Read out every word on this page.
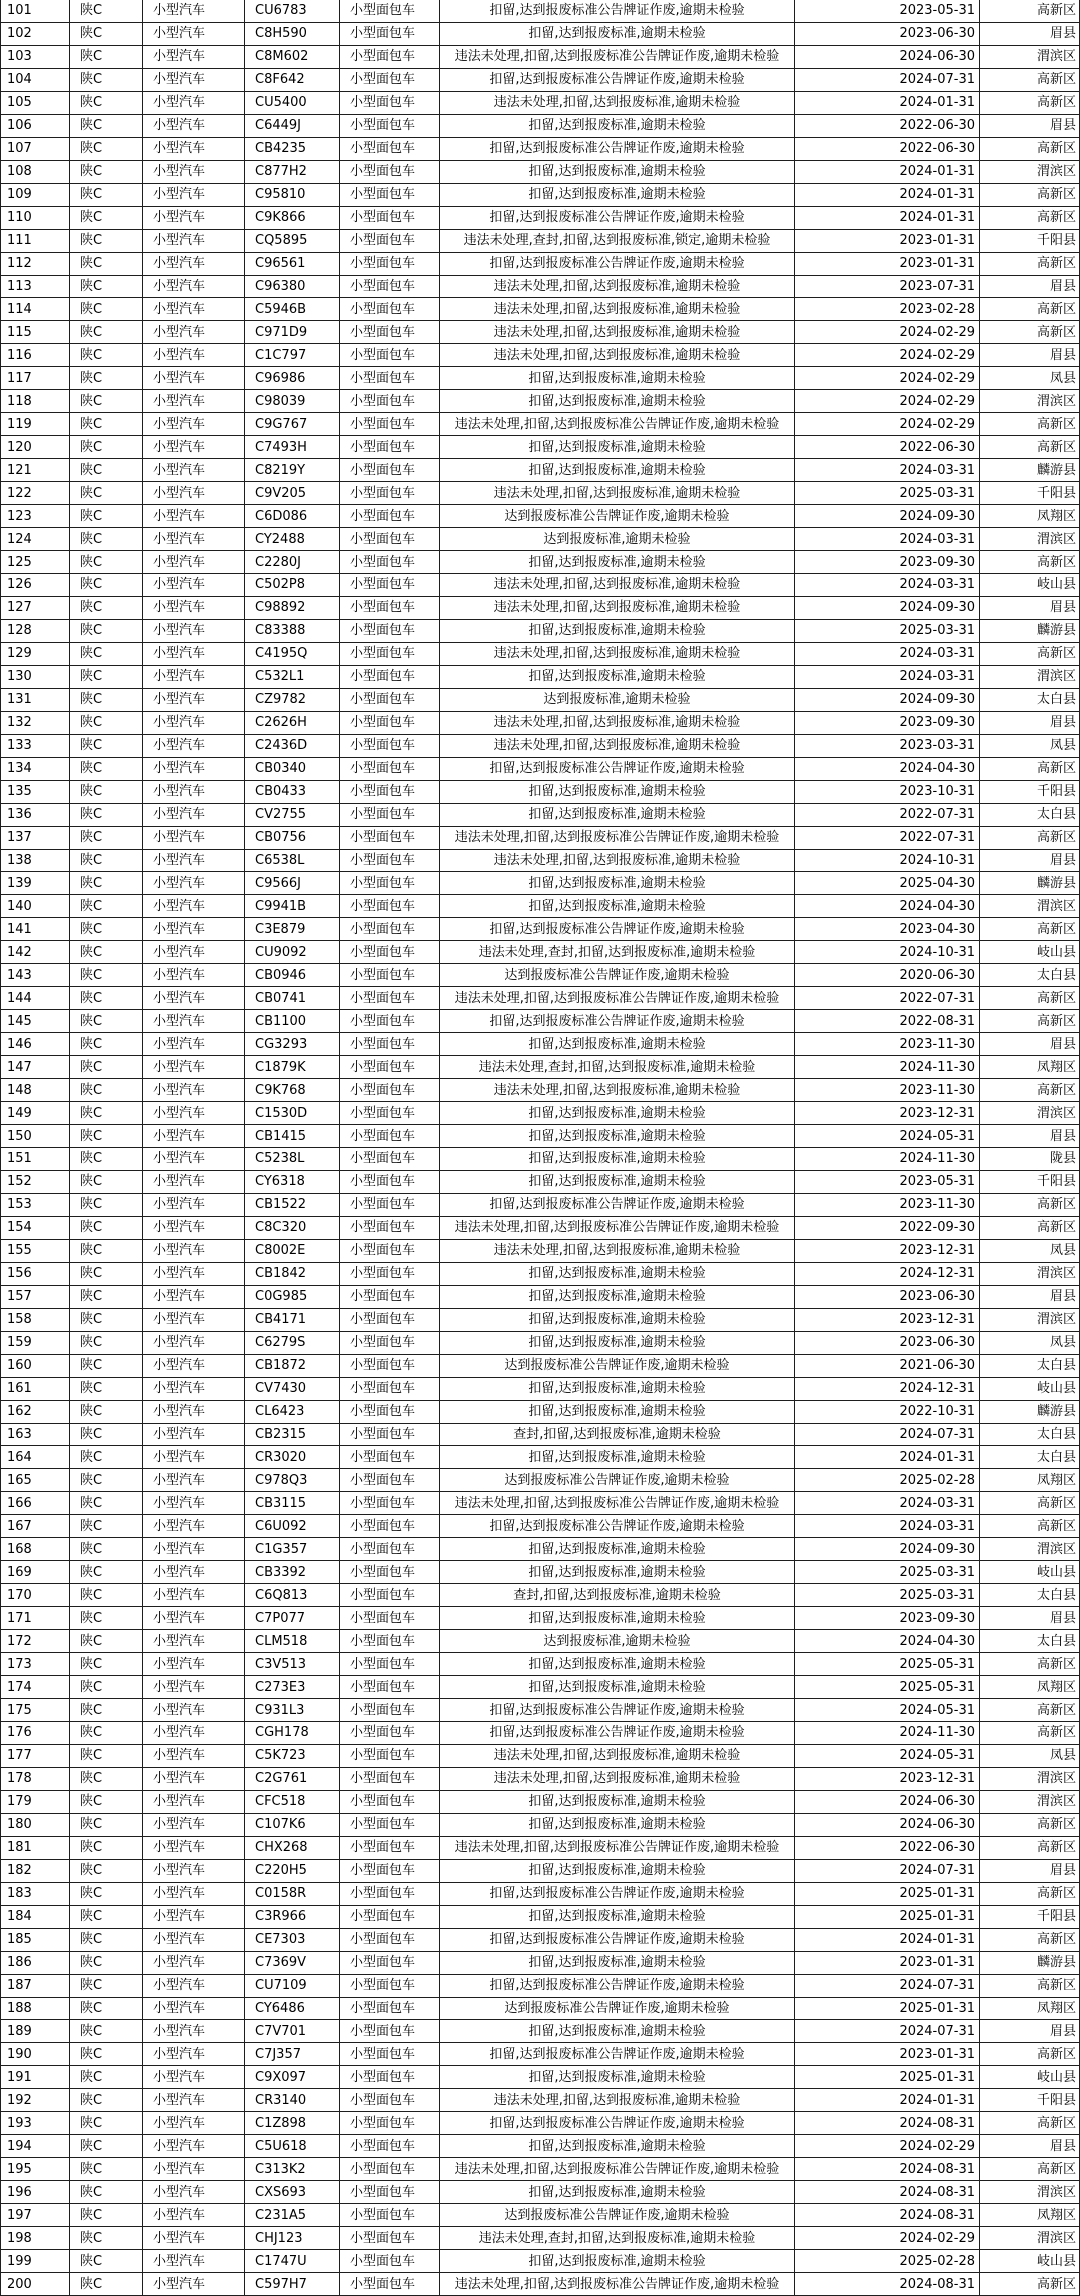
101	陕C	小型汽车	CU6783	小型面包车	扣留,达到报废标准公告牌证作废,逾期未检验	2023-05-31	高新区
102	陕C	小型汽车	C8H590	小型面包车	扣留,达到报废标准,逾期未检验	2023-06-30	眉县
103	陕C	小型汽车	C8M602	小型面包车	违法未处理,扣留,达到报废标准公告牌证作废,逾期未检验	2024-06-30	渭滨区
104	陕C	小型汽车	C8F642	小型面包车	扣留,达到报废标准公告牌证作废,逾期未检验	2024-07-31	高新区
105	陕C	小型汽车	CU5400	小型面包车	违法未处理,扣留,达到报废标准,逾期未检验	2024-01-31	高新区
106	陕C	小型汽车	C6449J	小型面包车	扣留,达到报废标准,逾期未检验	2022-06-30	眉县
107	陕C	小型汽车	CB4235	小型面包车	扣留,达到报废标准公告牌证作废,逾期未检验	2022-06-30	高新区
108	陕C	小型汽车	C877H2	小型面包车	扣留,达到报废标准,逾期未检验	2024-01-31	渭滨区
109	陕C	小型汽车	C95810	小型面包车	扣留,达到报废标准,逾期未检验	2024-01-31	高新区
110	陕C	小型汽车	C9K866	小型面包车	扣留,达到报废标准公告牌证作废,逾期未检验	2024-01-31	高新区
111	陕C	小型汽车	CQ5895	小型面包车	违法未处理,查封,扣留,达到报废标准,锁定,逾期未检验	2023-01-31	千阳县
112	陕C	小型汽车	C96561	小型面包车	扣留,达到报废标准公告牌证作废,逾期未检验	2023-01-31	高新区
113	陕C	小型汽车	C96380	小型面包车	违法未处理,扣留,达到报废标准,逾期未检验	2023-07-31	眉县
114	陕C	小型汽车	C5946B	小型面包车	违法未处理,扣留,达到报废标准,逾期未检验	2023-02-28	高新区
115	陕C	小型汽车	C971D9	小型面包车	违法未处理,扣留,达到报废标准,逾期未检验	2024-02-29	高新区
116	陕C	小型汽车	C1C797	小型面包车	违法未处理,扣留,达到报废标准,逾期未检验	2024-02-29	眉县
117	陕C	小型汽车	C96986	小型面包车	扣留,达到报废标准,逾期未检验	2024-02-29	凤县
118	陕C	小型汽车	C98039	小型面包车	扣留,达到报废标准,逾期未检验	2024-02-29	渭滨区
119	陕C	小型汽车	C9G767	小型面包车	违法未处理,扣留,达到报废标准公告牌证作废,逾期未检验	2024-02-29	高新区
120	陕C	小型汽车	C7493H	小型面包车	扣留,达到报废标准,逾期未检验	2022-06-30	高新区
121	陕C	小型汽车	C8219Y	小型面包车	扣留,达到报废标准,逾期未检验	2024-03-31	麟游县
122	陕C	小型汽车	C9V205	小型面包车	违法未处理,扣留,达到报废标准,逾期未检验	2025-03-31	千阳县
123	陕C	小型汽车	C6D086	小型面包车	达到报废标准公告牌证作废,逾期未检验	2024-09-30	凤翔区
124	陕C	小型汽车	CY2488	小型面包车	达到报废标准,逾期未检验	2024-03-31	渭滨区
125	陕C	小型汽车	C2280J	小型面包车	扣留,达到报废标准,逾期未检验	2023-09-30	高新区
126	陕C	小型汽车	C502P8	小型面包车	违法未处理,扣留,达到报废标准,逾期未检验	2024-03-31	岐山县
127	陕C	小型汽车	C98892	小型面包车	违法未处理,扣留,达到报废标准,逾期未检验	2024-09-30	眉县
128	陕C	小型汽车	C83388	小型面包车	扣留,达到报废标准,逾期未检验	2025-03-31	麟游县
129	陕C	小型汽车	C4195Q	小型面包车	违法未处理,扣留,达到报废标准,逾期未检验	2024-03-31	高新区
130	陕C	小型汽车	C532L1	小型面包车	扣留,达到报废标准,逾期未检验	2024-03-31	渭滨区
131	陕C	小型汽车	CZ9782	小型面包车	达到报废标准,逾期未检验	2024-09-30	太白县
132	陕C	小型汽车	C2626H	小型面包车	违法未处理,扣留,达到报废标准,逾期未检验	2023-09-30	眉县
133	陕C	小型汽车	C2436D	小型面包车	违法未处理,扣留,达到报废标准,逾期未检验	2023-03-31	凤县
134	陕C	小型汽车	CB0340	小型面包车	扣留,达到报废标准公告牌证作废,逾期未检验	2024-04-30	高新区
135	陕C	小型汽车	CB0433	小型面包车	扣留,达到报废标准,逾期未检验	2023-10-31	千阳县
136	陕C	小型汽车	CV2755	小型面包车	扣留,达到报废标准,逾期未检验	2022-07-31	太白县
137	陕C	小型汽车	CB0756	小型面包车	违法未处理,扣留,达到报废标准公告牌证作废,逾期未检验	2022-07-31	高新区
138	陕C	小型汽车	C6538L	小型面包车	违法未处理,扣留,达到报废标准,逾期未检验	2024-10-31	眉县
139	陕C	小型汽车	C9566J	小型面包车	扣留,达到报废标准,逾期未检验	2025-04-30	麟游县
140	陕C	小型汽车	C9941B	小型面包车	扣留,达到报废标准,逾期未检验	2024-04-30	渭滨区
141	陕C	小型汽车	C3E879	小型面包车	扣留,达到报废标准公告牌证作废,逾期未检验	2023-04-30	高新区
142	陕C	小型汽车	CU9092	小型面包车	违法未处理,查封,扣留,达到报废标准,逾期未检验	2024-10-31	岐山县
143	陕C	小型汽车	CB0946	小型面包车	达到报废标准公告牌证作废,逾期未检验	2020-06-30	太白县
144	陕C	小型汽车	CB0741	小型面包车	违法未处理,扣留,达到报废标准公告牌证作废,逾期未检验	2022-07-31	高新区
145	陕C	小型汽车	CB1100	小型面包车	扣留,达到报废标准公告牌证作废,逾期未检验	2022-08-31	高新区
146	陕C	小型汽车	CG3293	小型面包车	扣留,达到报废标准,逾期未检验	2023-11-30	眉县
147	陕C	小型汽车	C1879K	小型面包车	违法未处理,查封,扣留,达到报废标准,逾期未检验	2024-11-30	凤翔区
148	陕C	小型汽车	C9K768	小型面包车	违法未处理,扣留,达到报废标准,逾期未检验	2023-11-30	高新区
149	陕C	小型汽车	C1530D	小型面包车	扣留,达到报废标准,逾期未检验	2023-12-31	渭滨区
150	陕C	小型汽车	CB1415	小型面包车	扣留,达到报废标准,逾期未检验	2024-05-31	眉县
151	陕C	小型汽车	C5238L	小型面包车	扣留,达到报废标准,逾期未检验	2024-11-30	陇县
152	陕C	小型汽车	CY6318	小型面包车	扣留,达到报废标准,逾期未检验	2023-05-31	千阳县
153	陕C	小型汽车	CB1522	小型面包车	扣留,达到报废标准公告牌证作废,逾期未检验	2023-11-30	高新区
154	陕C	小型汽车	C8C320	小型面包车	违法未处理,扣留,达到报废标准公告牌证作废,逾期未检验	2022-09-30	高新区
155	陕C	小型汽车	C8002E	小型面包车	违法未处理,扣留,达到报废标准,逾期未检验	2023-12-31	凤县
156	陕C	小型汽车	CB1842	小型面包车	扣留,达到报废标准,逾期未检验	2024-12-31	渭滨区
157	陕C	小型汽车	C0G985	小型面包车	扣留,达到报废标准,逾期未检验	2023-06-30	眉县
158	陕C	小型汽车	CB4171	小型面包车	扣留,达到报废标准,逾期未检验	2023-12-31	渭滨区
159	陕C	小型汽车	C6279S	小型面包车	扣留,达到报废标准,逾期未检验	2023-06-30	凤县
160	陕C	小型汽车	CB1872	小型面包车	达到报废标准公告牌证作废,逾期未检验	2021-06-30	太白县
161	陕C	小型汽车	CV7430	小型面包车	扣留,达到报废标准,逾期未检验	2024-12-31	岐山县
162	陕C	小型汽车	CL6423	小型面包车	扣留,达到报废标准,逾期未检验	2022-10-31	麟游县
163	陕C	小型汽车	CB2315	小型面包车	查封,扣留,达到报废标准,逾期未检验	2024-07-31	太白县
164	陕C	小型汽车	CR3020	小型面包车	扣留,达到报废标准,逾期未检验	2024-01-31	太白县
165	陕C	小型汽车	C978Q3	小型面包车	达到报废标准公告牌证作废,逾期未检验	2025-02-28	凤翔区
166	陕C	小型汽车	CB3115	小型面包车	违法未处理,扣留,达到报废标准公告牌证作废,逾期未检验	2024-03-31	高新区
167	陕C	小型汽车	C6U092	小型面包车	扣留,达到报废标准公告牌证作废,逾期未检验	2024-03-31	高新区
168	陕C	小型汽车	C1G357	小型面包车	扣留,达到报废标准,逾期未检验	2024-09-30	渭滨区
169	陕C	小型汽车	CB3392	小型面包车	扣留,达到报废标准,逾期未检验	2025-03-31	岐山县
170	陕C	小型汽车	C6Q813	小型面包车	查封,扣留,达到报废标准,逾期未检验	2025-03-31	太白县
171	陕C	小型汽车	C7P077	小型面包车	扣留,达到报废标准,逾期未检验	2023-09-30	眉县
172	陕C	小型汽车	CLM518	小型面包车	达到报废标准,逾期未检验	2024-04-30	太白县
173	陕C	小型汽车	C3V513	小型面包车	扣留,达到报废标准,逾期未检验	2025-05-31	高新区
174	陕C	小型汽车	C273E3	小型面包车	扣留,达到报废标准,逾期未检验	2025-05-31	凤翔区
175	陕C	小型汽车	C931L3	小型面包车	扣留,达到报废标准公告牌证作废,逾期未检验	2024-05-31	高新区
176	陕C	小型汽车	CGH178	小型面包车	扣留,达到报废标准公告牌证作废,逾期未检验	2024-11-30	高新区
177	陕C	小型汽车	C5K723	小型面包车	违法未处理,扣留,达到报废标准,逾期未检验	2024-05-31	凤县
178	陕C	小型汽车	C2G761	小型面包车	违法未处理,扣留,达到报废标准,逾期未检验	2023-12-31	渭滨区
179	陕C	小型汽车	CFC518	小型面包车	扣留,达到报废标准,逾期未检验	2024-06-30	渭滨区
180	陕C	小型汽车	C107K6	小型面包车	扣留,达到报废标准,逾期未检验	2024-06-30	高新区
181	陕C	小型汽车	CHX268	小型面包车	违法未处理,扣留,达到报废标准公告牌证作废,逾期未检验	2022-06-30	高新区
182	陕C	小型汽车	C220H5	小型面包车	扣留,达到报废标准,逾期未检验	2024-07-31	眉县
183	陕C	小型汽车	C0158R	小型面包车	扣留,达到报废标准公告牌证作废,逾期未检验	2025-01-31	高新区
184	陕C	小型汽车	C3R966	小型面包车	扣留,达到报废标准,逾期未检验	2025-01-31	千阳县
185	陕C	小型汽车	CE7303	小型面包车	扣留,达到报废标准公告牌证作废,逾期未检验	2024-01-31	高新区
186	陕C	小型汽车	C7369V	小型面包车	扣留,达到报废标准,逾期未检验	2023-01-31	麟游县
187	陕C	小型汽车	CU7109	小型面包车	扣留,达到报废标准公告牌证作废,逾期未检验	2024-07-31	高新区
188	陕C	小型汽车	CY6486	小型面包车	达到报废标准公告牌证作废,逾期未检验	2025-01-31	凤翔区
189	陕C	小型汽车	C7V701	小型面包车	扣留,达到报废标准,逾期未检验	2024-07-31	眉县
190	陕C	小型汽车	C7J357	小型面包车	扣留,达到报废标准公告牌证作废,逾期未检验	2023-01-31	高新区
191	陕C	小型汽车	C9X097	小型面包车	扣留,达到报废标准,逾期未检验	2025-01-31	岐山县
192	陕C	小型汽车	CR3140	小型面包车	违法未处理,扣留,达到报废标准,逾期未检验	2024-01-31	千阳县
193	陕C	小型汽车	C1Z898	小型面包车	扣留,达到报废标准公告牌证作废,逾期未检验	2024-08-31	高新区
194	陕C	小型汽车	C5U618	小型面包车	扣留,达到报废标准,逾期未检验	2024-02-29	眉县
195	陕C	小型汽车	C313K2	小型面包车	违法未处理,扣留,达到报废标准公告牌证作废,逾期未检验	2024-08-31	高新区
196	陕C	小型汽车	CXS693	小型面包车	扣留,达到报废标准,逾期未检验	2024-08-31	渭滨区
197	陕C	小型汽车	C231A5	小型面包车	达到报废标准公告牌证作废,逾期未检验	2024-08-31	凤翔区
198	陕C	小型汽车	CHJ123	小型面包车	违法未处理,查封,扣留,达到报废标准,逾期未检验	2024-02-29	渭滨区
199	陕C	小型汽车	C1747U	小型面包车	扣留,达到报废标准,逾期未检验	2025-02-28	岐山县
200	陕C	小型汽车	C597H7	小型面包车	违法未处理,扣留,达到报废标准公告牌证作废,逾期未检验	2024-08-31	高新区
